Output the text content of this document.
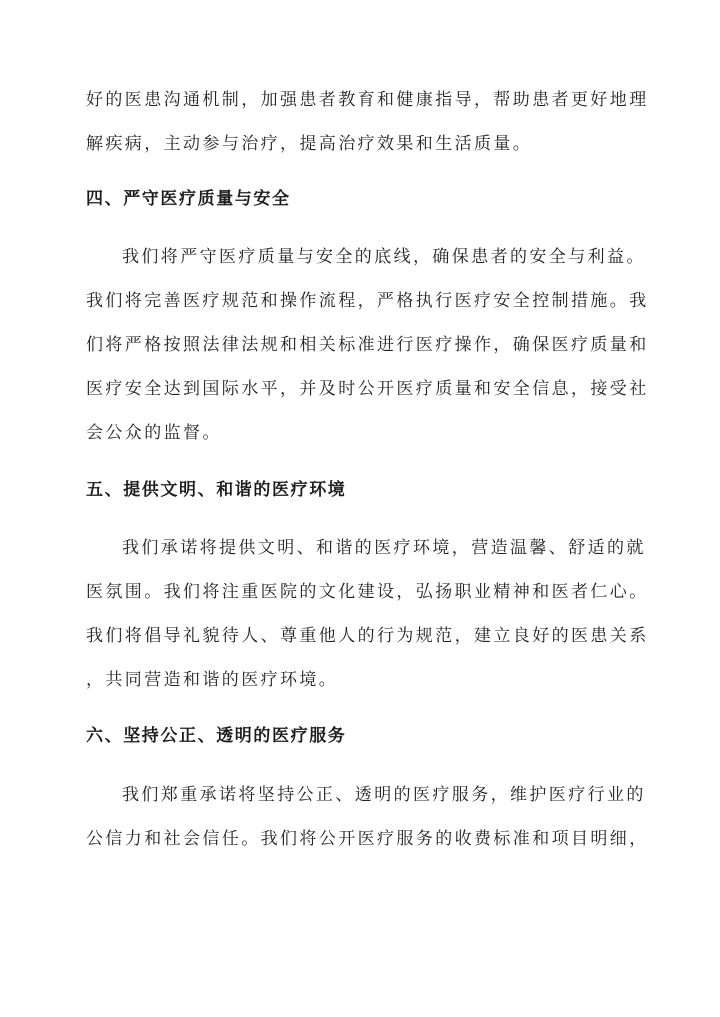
好的医患沟通机制，加强患者教育和健康指导，帮助患者更好地理
解疾病，主动参与治疗，提高治疗效果和生活质量。
四、严守医疗质量与安全
我们将严守医疗质量与安全的底线，确保患者的安全与利益。
我们将完善医疗规范和操作流程，严格执行医疗安全控制措施。我
们将严格按照法律法规和相关标准进行医疗操作，确保医疗质量和
医疗安全达到国际水平，并及时公开医疗质量和安全信息，接受社
会公众的监督。
五、提供文明、和谐的医疗环境
我们承诺将提供文明、和谐的医疗环境，营造温馨、舒适的就
医氛围。我们将注重医院的文化建设，弘扬职业精神和医者仁心。
我们将倡导礼貌待人、尊重他人的行为规范，建立良好的医患关系
，共同营造和谐的医疗环境。
六、坚持公正、透明的医疗服务
我们郑重承诺将坚持公正、透明的医疗服务，维护医疗行业的
公信力和社会信任。我们将公开医疗服务的收费标准和项目明细，
